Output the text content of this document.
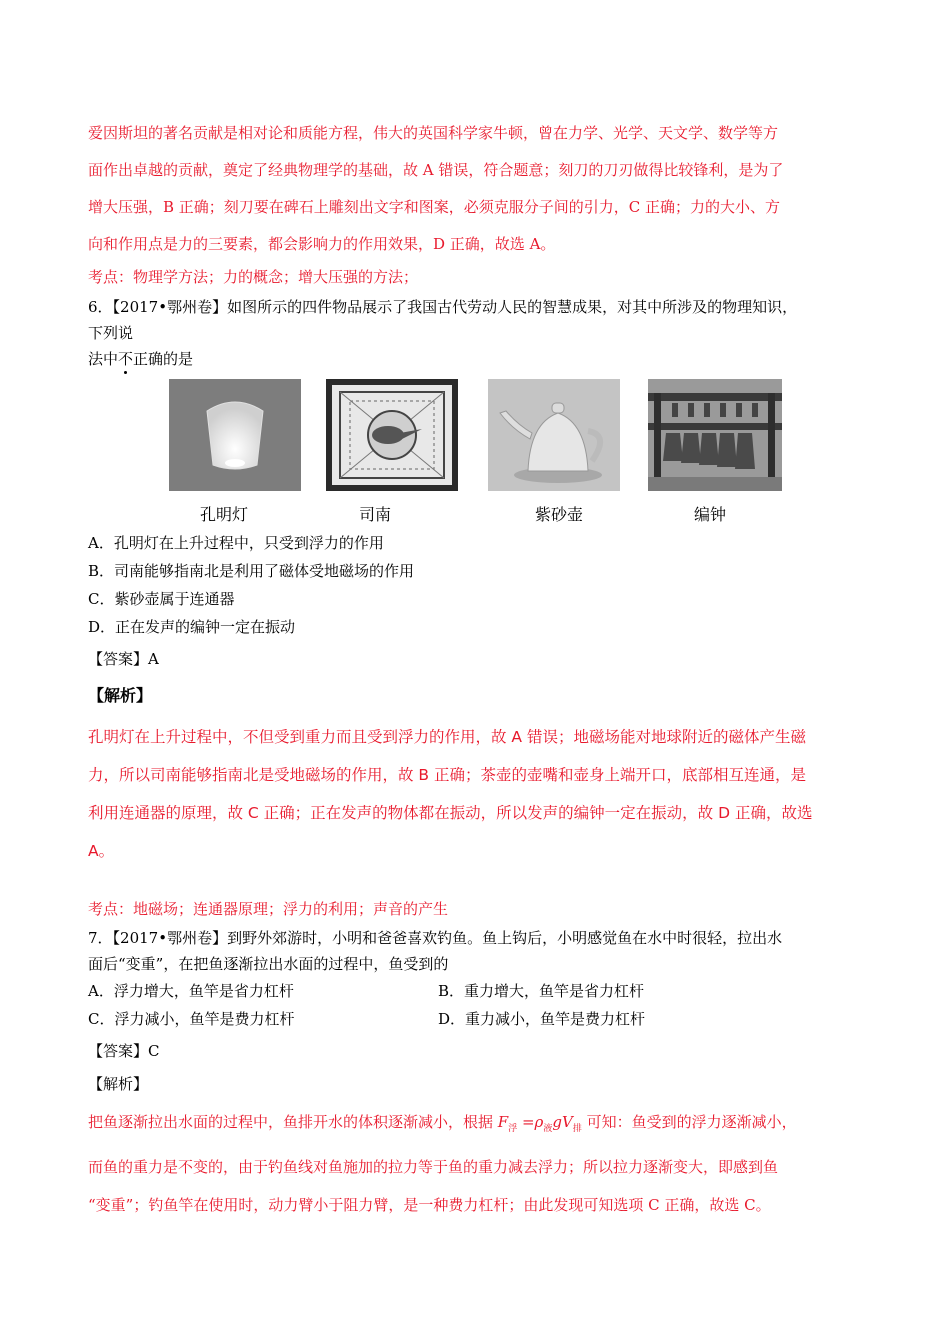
爱因斯坦的著名贡献是相对论和质能方程，伟大的英国科学家牛顿，曾在力学、光学、天文学、数学等方
面作出卓越的贡献，奠定了经典物理学的基础，故 A 错误，符合题意；刻刀的刀刃做得比较锋利，是为了
增大压强，B 正确；刻刀要在碑石上雕刻出文字和图案，必须克服分子间的引力，C 正确；力的大小、方
向和作用点是力的三要素，都会影响力的作用效果，D 正确，故选 A。
考点：物理学方法；力的概念；增大压强的方法；
6．【2017•鄂州卷】如图所示的四件物品展示了我国古代劳动人民的智慧成果，对其中所涉及的物理知识，
下列说
法中不正确的是
孔明灯	司南	紫砂壶	编钟
A．孔明灯在上升过程中，只受到浮力的作用
B．司南能够指南北是利用了磁体受地磁场的作用
C．紫砂壶属于连通器
D．正在发声的编钟一定在振动
【答案】A
【解析】
孔明灯在上升过程中，不但受到重力而且受到浮力的作用，故 A 错误；地磁场能对地球附近的磁体产生磁
力，所以司南能够指南北是受地磁场的作用，故 B 正确；茶壶的壶嘴和壶身上端开口，底部相互连通，是
利用连通器的原理，故 C 正确；正在发声的物体都在振动，所以发声的编钟一定在振动，故 D 正确，故选
A。
考点：地磁场；连通器原理；浮力的利用；声音的产生
7．【2017•鄂州卷】到野外郊游时，小明和爸爸喜欢钓鱼。鱼上钩后，小明感觉鱼在水中时很轻，拉出水
面后“变重”，在把鱼逐渐拉出水面的过程中，鱼受到的
A．浮力增大，鱼竿是省力杠杆	B．重力增大，鱼竿是省力杠杆
C．浮力减小，鱼竿是费力杠杆	D．重力减小，鱼竿是费力杠杆
【答案】C
【解析】
把鱼逐渐拉出水面的过程中，鱼排开水的体积逐渐减小，根据 $F_浮 =\rho_液gV_排$ 可知：鱼受到的浮力逐渐减小，
而鱼的重力是不变的，由于钓鱼线对鱼施加的拉力等于鱼的重力减去浮力；所以拉力逐渐变大，即感到鱼
“变重”；钓鱼竿在使用时，动力臂小于阻力臂，是一种费力杠杆；由此发现可知选项 C 正确，故选 C。
